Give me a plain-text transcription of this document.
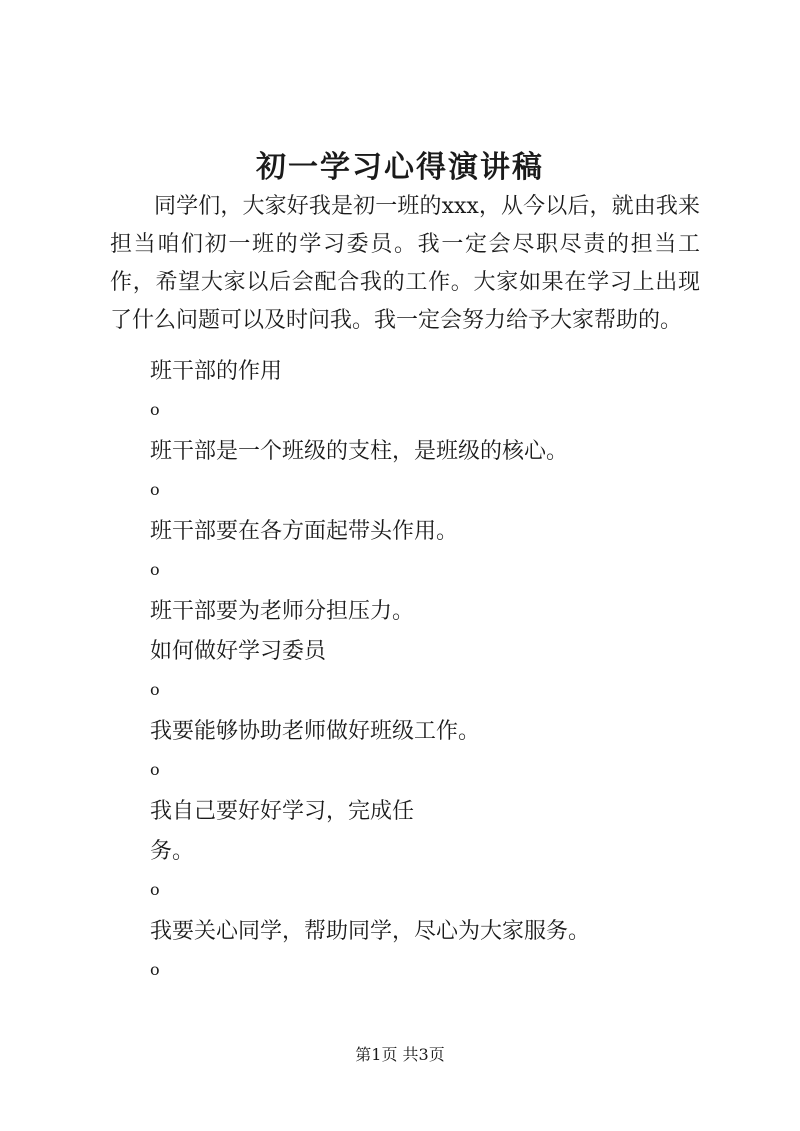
初一学习心得演讲稿

同学们，大家好我是初一班的xxx，从今以后，就由我来担当咱们初一班的学习委员。我一定会尽职尽责的担当工作，希望大家以后会配合我的工作。大家如果在学习上出现了什么问题可以及时问我。我一定会努力给予大家帮助的。

班干部的作用
o
班干部是一个班级的支柱，是班级的核心。
o
班干部要在各方面起带头作用。
o
班干部要为老师分担压力。
如何做好学习委员
o
我要能够协助老师做好班级工作。
o
我自己要好好学习，完成任
务。
o
我要关心同学，帮助同学，尽心为大家服务。
o
第1页 共3页
